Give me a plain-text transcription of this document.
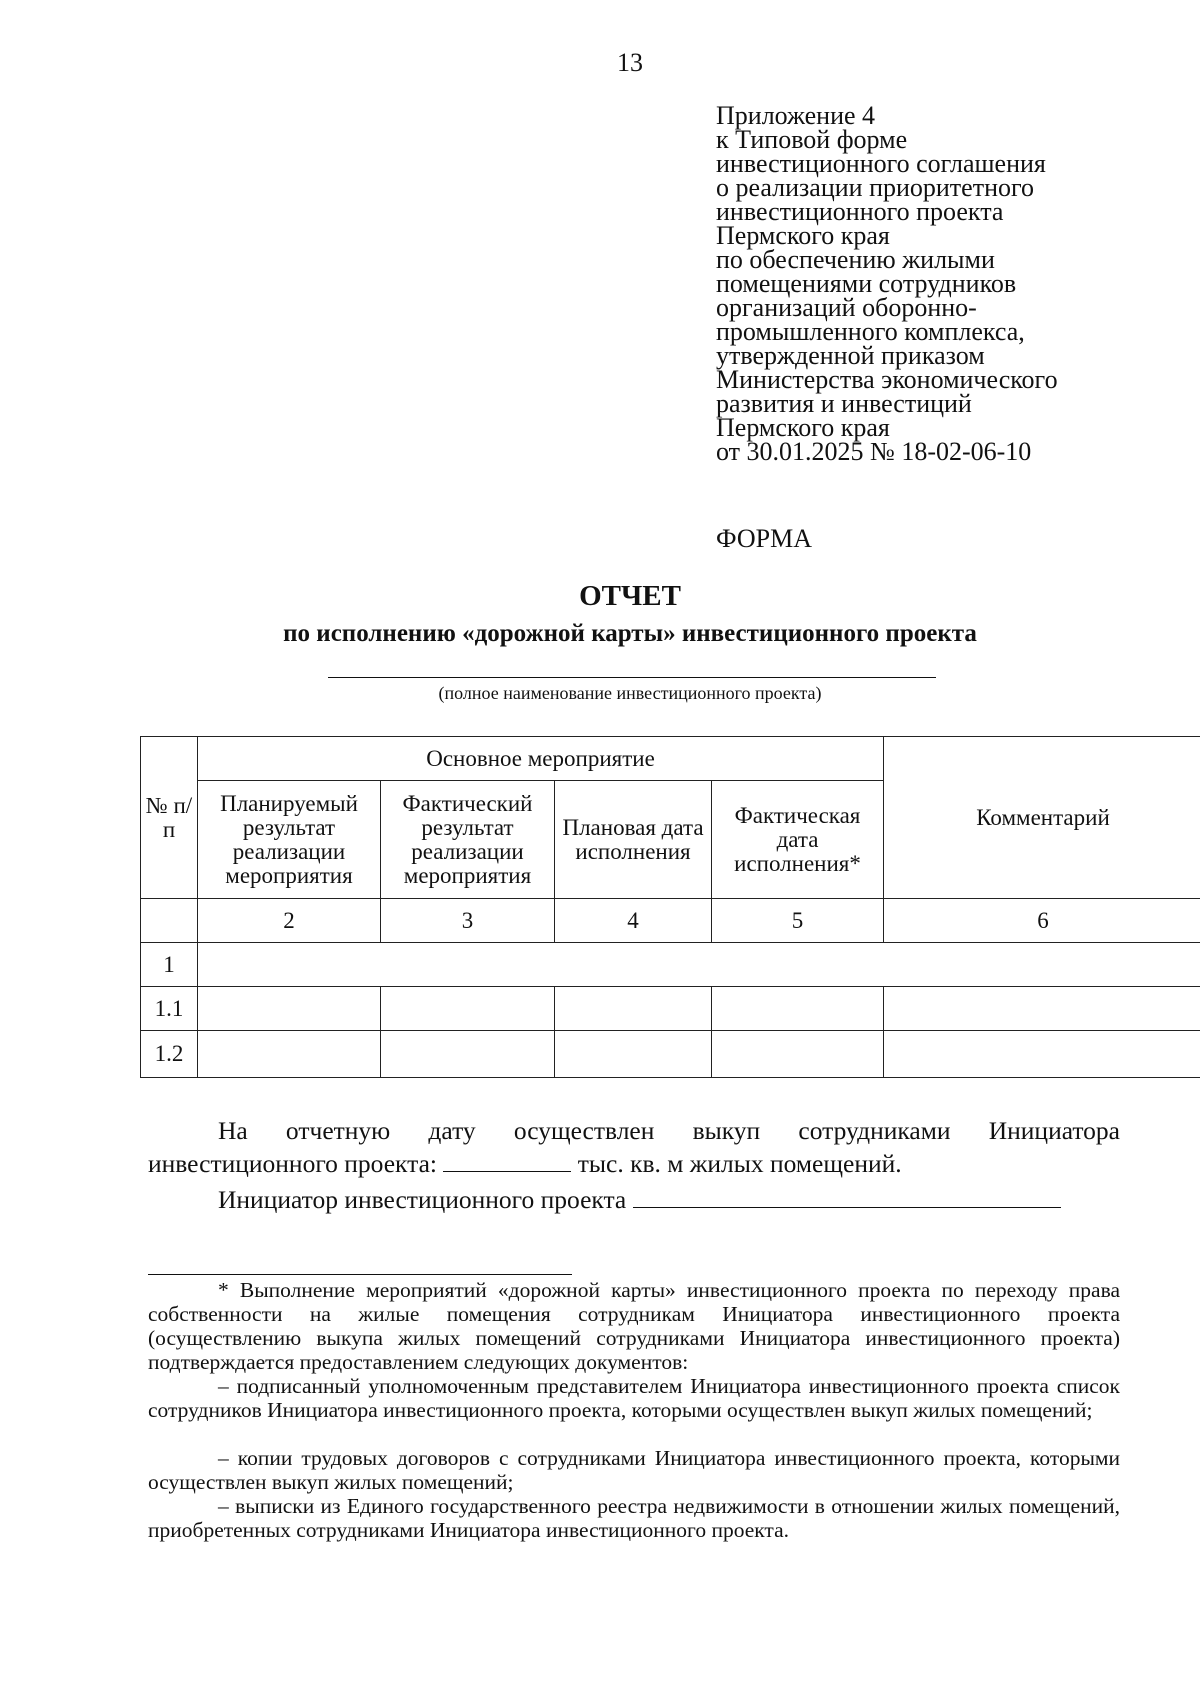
13
Приложение 4
к Типовой форме
инвестиционного соглашения
о реализации приоритетного
инвестиционного проекта
Пермского края
по обеспечению жилыми
помещениями сотрудников
организаций оборонно-
промышленного комплекса,
утвержденной приказом
Министерства экономического
развития и инвестиций
Пермского края
от 30.01.2025 № 18-02-06-10
ФОРМА
ОТЧЕТ
по исполнению «дорожной карты» инвестиционного проекта
(полное наименование инвестиционного проекта)
№ п/п	Основное мероприятие				Комментарий
	Планируемый результат реализации мероприятия	Фактический результат реализации мероприятия	Плановая дата исполнения	Фактическая дата исполнения*	
	2	3	4	5	6
1					
1.1					
1.2					
На отчетную дату осуществлен выкуп сотрудниками Инициатора
инвестиционного проекта:	тыс. кв. м жилых помещений.
Инициатор инвестиционного проекта
* Выполнение мероприятий «дорожной карты» инвестиционного проекта по переходу права собственности на жилые помещения сотрудникам Инициатора инвестиционного проекта (осуществлению выкупа жилых помещений сотрудниками Инициатора инвестиционного проекта) подтверждается предоставлением следующих документов:
– подписанный уполномоченным представителем Инициатора инвестиционного проекта список сотрудников Инициатора инвестиционного проекта, которыми осуществлен выкуп жилых помещений;
– копии трудовых договоров с сотрудниками Инициатора инвестиционного проекта, которыми осуществлен выкуп жилых помещений;
– выписки из Единого государственного реестра недвижимости в отношении жилых помещений, приобретенных сотрудниками Инициатора инвестиционного проекта.
